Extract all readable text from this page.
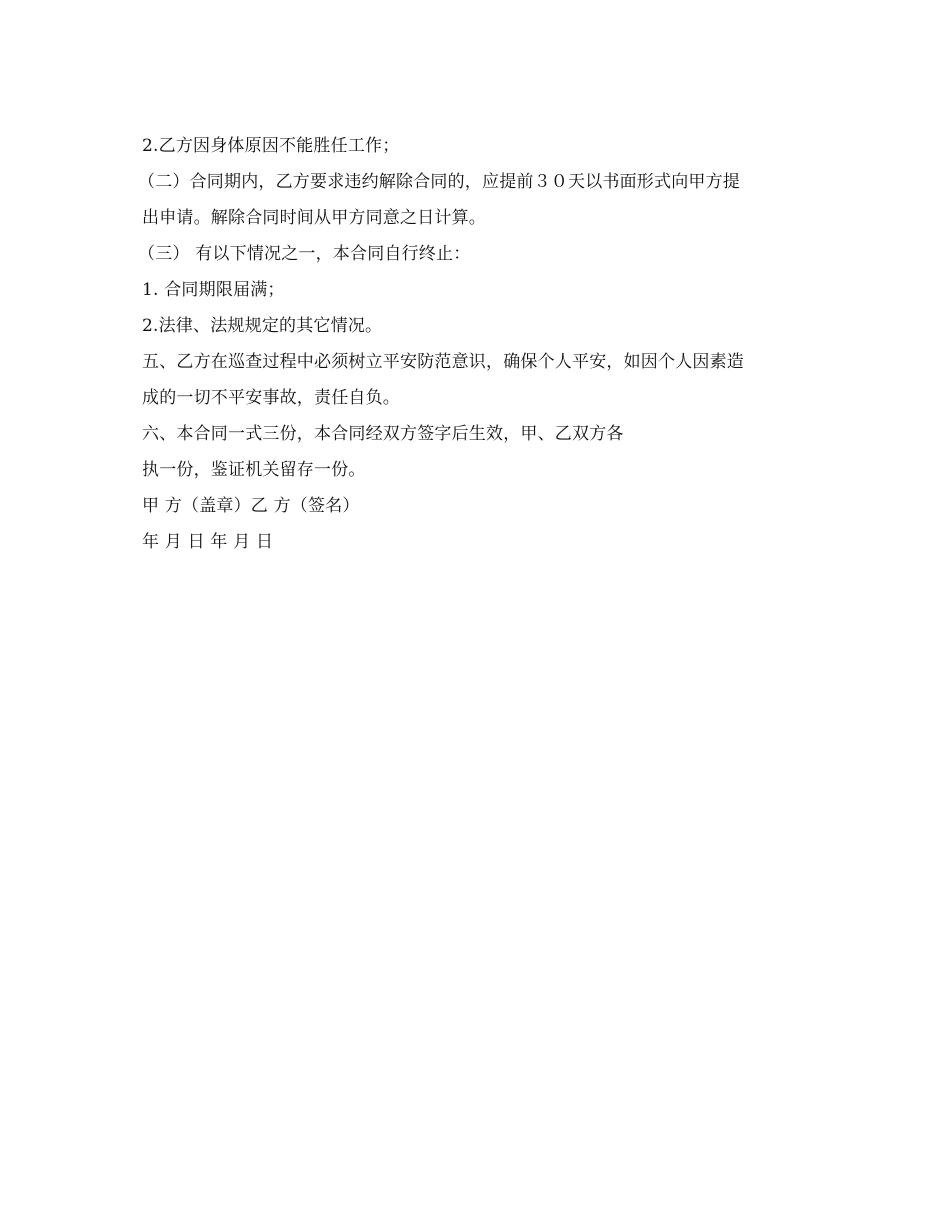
2.乙方因身体原因不能胜任工作；
（二）合同期内，乙方要求违约解除合同的，应提前３０天以书面形式向甲方提
出申请。解除合同时间从甲方同意之日计算。
（三） 有以下情况之一，本合同自行终止：
1. 合同期限届满；
2.法律、法规规定的其它情况。
五、乙方在巡查过程中必须树立平安防范意识，确保个人平安，如因个人因素造
成的一切不平安事故，责任自负。
六、本合同一式三份，本合同经双方签字后生效，甲、乙双方各
执一份，鉴证机关留存一份。
甲 方（盖章）乙 方（签名）
年 月 日 年 月 日
